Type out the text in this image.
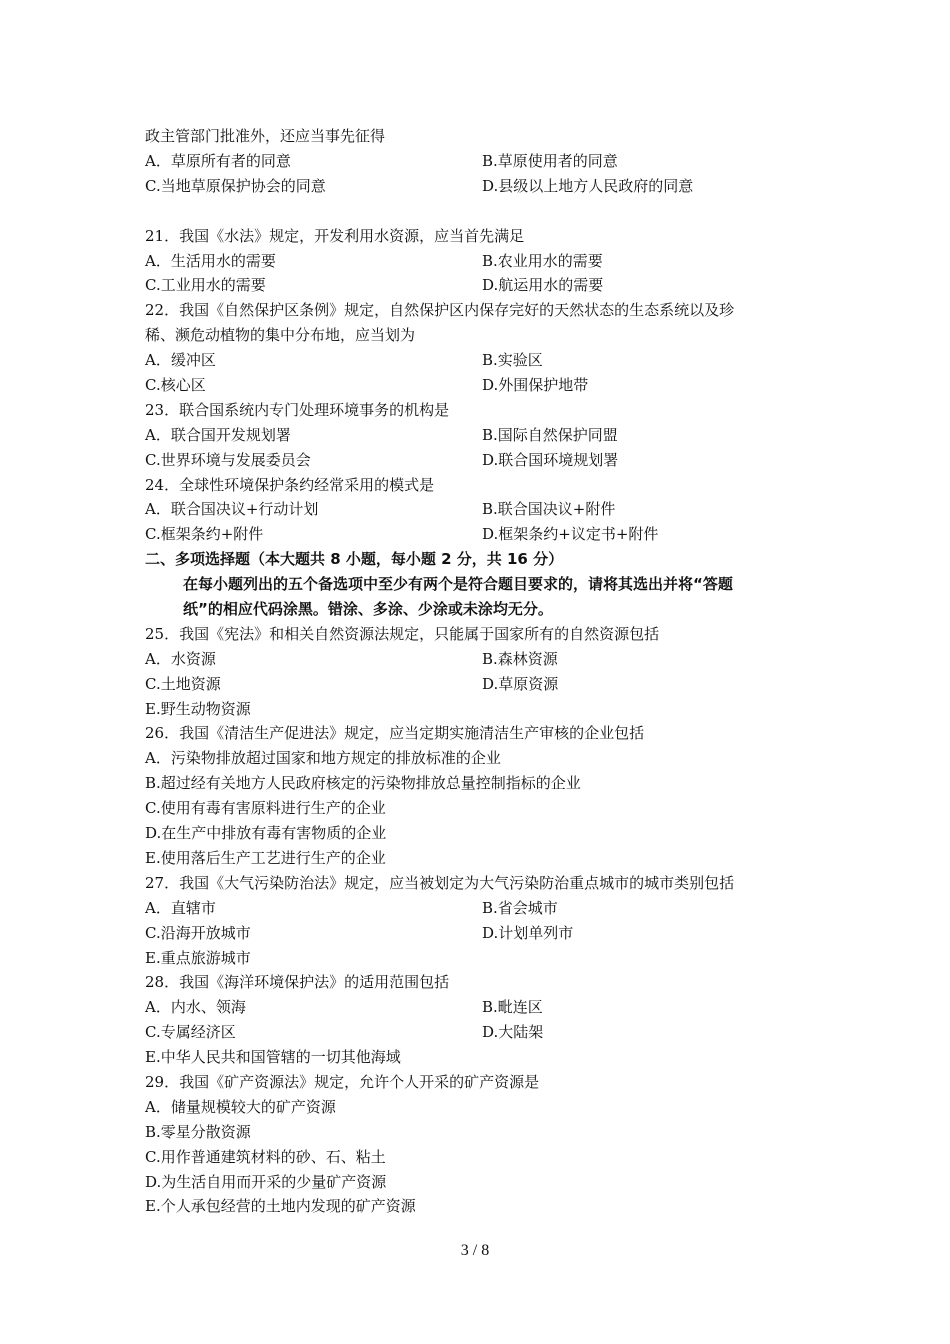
政主管部门批准外，还应当事先征得
A．草原所有者的同意	B.草原使用者的同意
C.当地草原保护协会的同意	D.县级以上地方人民政府的同意
21．我国《水法》规定，开发利用水资源，应当首先满足
A．生活用水的需要	B.农业用水的需要
C.工业用水的需要	D.航运用水的需要
22．我国《自然保护区条例》规定，自然保护区内保存完好的天然状态的生态系统以及珍
稀、濒危动植物的集中分布地，应当划为
A．缓冲区	B.实验区
C.核心区	D.外围保护地带
23．联合国系统内专门处理环境事务的机构是
A．联合国开发规划署	B.国际自然保护同盟
C.世界环境与发展委员会	D.联合国环境规划署
24．全球性环境保护条约经常采用的模式是
A．联合国决议+行动计划	B.联合国决议+附件
C.框架条约+附件	D.框架条约+议定书+附件
二、多项选择题（本大题共 8 小题，每小题 2 分，共 16 分）
在每小题列出的五个备选项中至少有两个是符合题目要求的，请将其选出并将“答题
纸”的相应代码涂黑。错涂、多涂、少涂或未涂均无分。
25．我国《宪法》和相关自然资源法规定，只能属于国家所有的自然资源包括
A．水资源	B.森林资源
C.土地资源	D.草原资源
E.野生动物资源
26．我国《清洁生产促进法》规定，应当定期实施清洁生产审核的企业包括
A．污染物排放超过国家和地方规定的排放标准的企业
B.超过经有关地方人民政府核定的污染物排放总量控制指标的企业
C.使用有毒有害原料进行生产的企业
D.在生产中排放有毒有害物质的企业
E.使用落后生产工艺进行生产的企业
27．我国《大气污染防治法》规定，应当被划定为大气污染防治重点城市的城市类别包括
A．直辖市	B.省会城市
C.沿海开放城市	D.计划单列市
E.重点旅游城市
28．我国《海洋环境保护法》的适用范围包括
A．内水、领海	B.毗连区
C.专属经济区	D.大陆架
E.中华人民共和国管辖的一切其他海域
29．我国《矿产资源法》规定，允许个人开采的矿产资源是
A．储量规模较大的矿产资源
B.零星分散资源
C.用作普通建筑材料的砂、石、粘土
D.为生活自用而开采的少量矿产资源
E.个人承包经营的土地内发现的矿产资源
3 / 8
